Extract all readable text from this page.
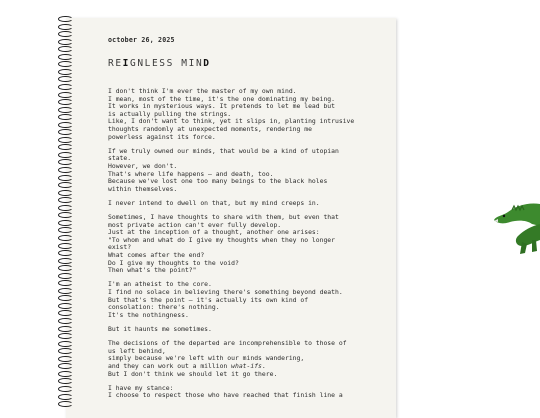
october 26, 2025

REIGNLESS MIND

I don't think I'm ever the master of my own mind.
I mean, most of the time, it's the one dominating my being.
It works in mysterious ways. It pretends to let me lead but
is actually pulling the strings.
Like, I don't want to think, yet it slips in, planting intrusive
thoughts randomly at unexpected moments, rendering me
powerless against its force.

If we truly owned our minds, that would be a kind of utopian
state.
However, we don't.
That's where life happens — and death, too.
Because we've lost one too many beings to the black holes
within themselves.

I never intend to dwell on that, but my mind creeps in.

Sometimes, I have thoughts to share with them, but even that
most private action can't ever fully develop.
Just at the inception of a thought, another one arises:
"To whom and what do I give my thoughts when they no longer
exist?
What comes after the end?
Do I give my thoughts to the void?
Then what's the point?"

I'm an atheist to the core.
I find no solace in believing there's something beyond death.
But that's the point — it's actually its own kind of
consolation: there's nothing.
It's the nothingness.

But it haunts me sometimes.

The decisions of the departed are incomprehensible to those of
us left behind,
simply because we're left with our minds wandering,
and they can work out a million what-ifs.
But I don't think we should let it go there.

I have my stance:
I choose to respect those who have reached that finish line a
